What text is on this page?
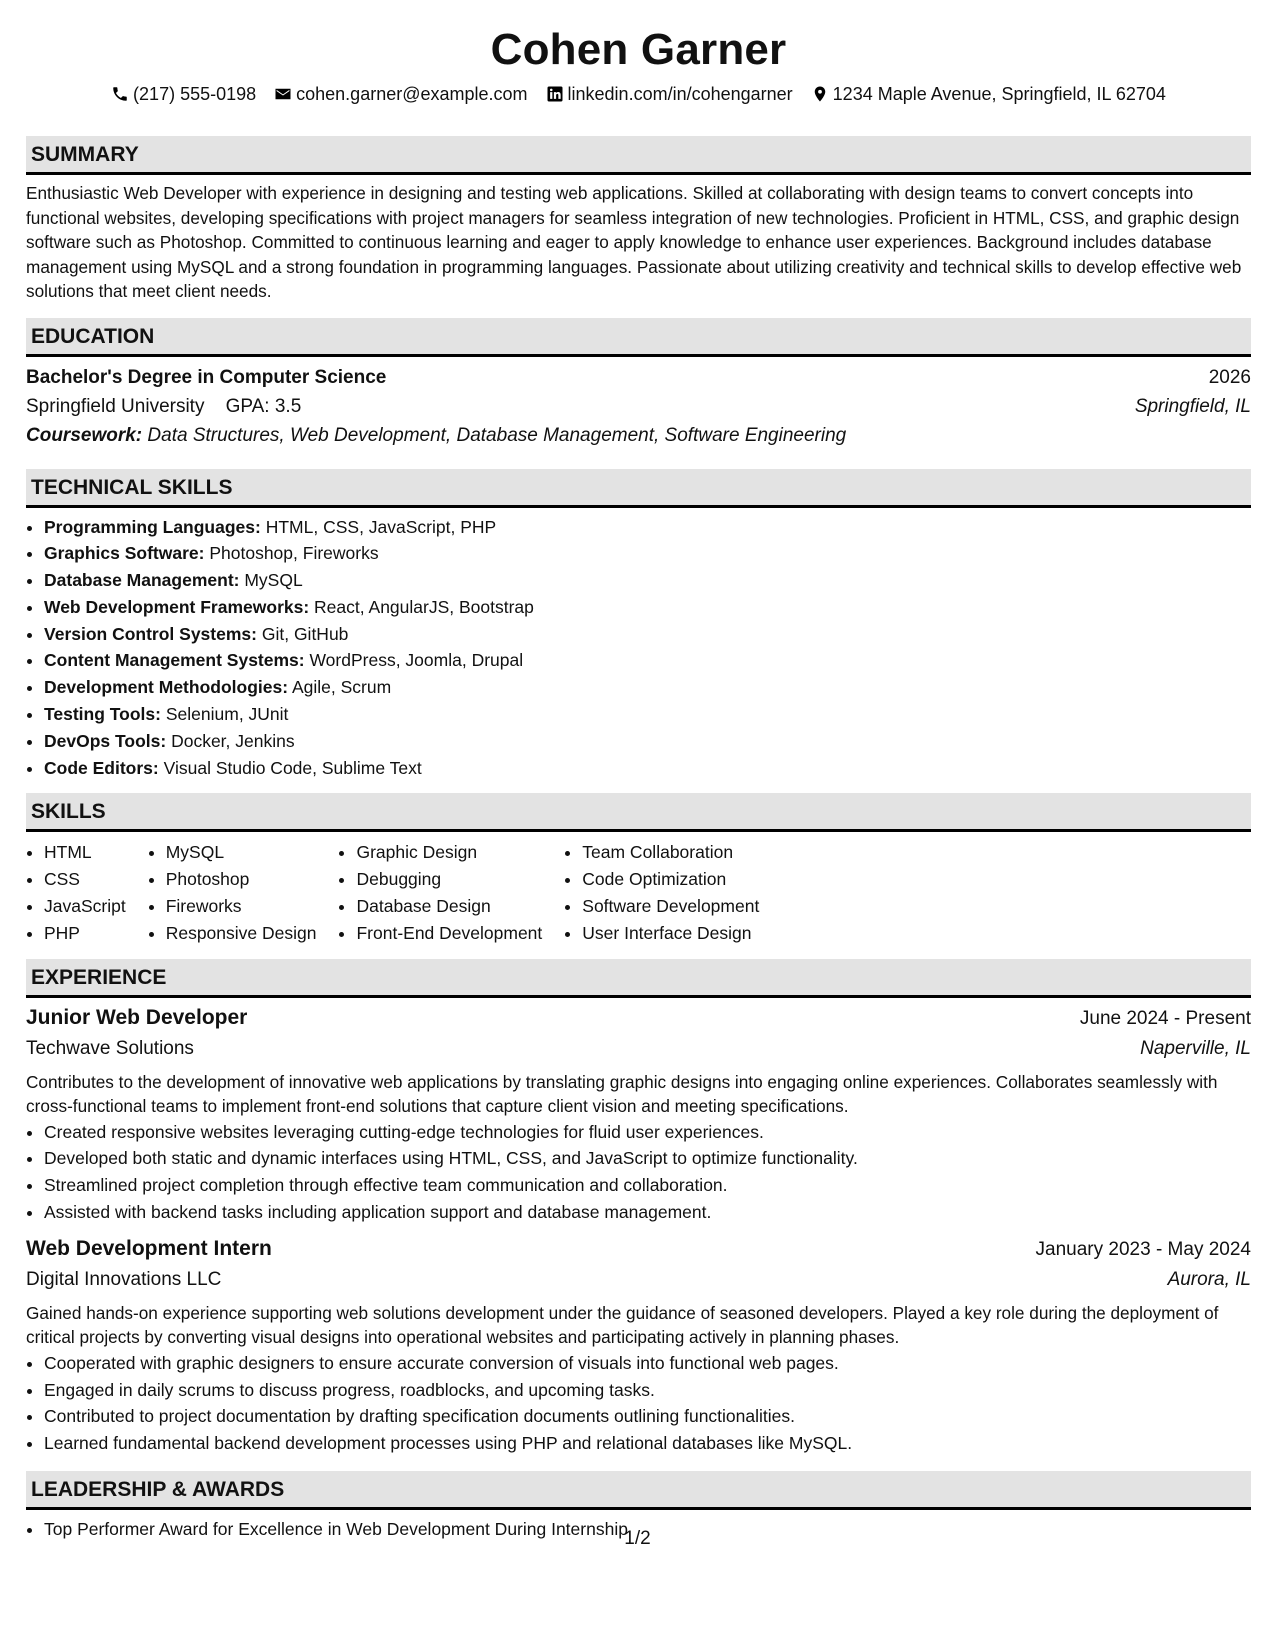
Cohen Garner
(217) 555-0198 cohen.garner@example.com linkedin.com/in/cohengarner 1234 Maple Avenue, Springfield, IL 62704
SUMMARY
Enthusiastic Web Developer with experience in designing and testing web applications. Skilled at collaborating with design teams to convert concepts into functional websites, developing specifications with project managers for seamless integration of new technologies. Proficient in HTML, CSS, and graphic design software such as Photoshop. Committed to continuous learning and eager to apply knowledge to enhance user experiences. Background includes database management using MySQL and a strong foundation in programming languages. Passionate about utilizing creativity and technical skills to develop effective web solutions that meet client needs.
EDUCATION
Bachelor's Degree in Computer Science	2026
Springfield University GPA: 3.5	Springfield, IL
Coursework: Data Structures, Web Development, Database Management, Software Engineering
TECHNICAL SKILLS
• Programming Languages: HTML, CSS, JavaScript, PHP
• Graphics Software: Photoshop, Fireworks
• Database Management: MySQL
• Web Development Frameworks: React, AngularJS, Bootstrap
• Version Control Systems: Git, GitHub
• Content Management Systems: WordPress, Joomla, Drupal
• Development Methodologies: Agile, Scrum
• Testing Tools: Selenium, JUnit
• DevOps Tools: Docker, Jenkins
• Code Editors: Visual Studio Code, Sublime Text
SKILLS
• HTML
• CSS
• JavaScript
• PHP
• MySQL
• Photoshop
• Fireworks
• Responsive Design
• Graphic Design
• Debugging
• Database Design
• Front-End Development
• Team Collaboration
• Code Optimization
• Software Development
• User Interface Design
EXPERIENCE
Junior Web Developer	June 2024 - Present
Techwave Solutions	Naperville, IL
Contributes to the development of innovative web applications by translating graphic designs into engaging online experiences. Collaborates seamlessly with cross-functional teams to implement front-end solutions that capture client vision and meeting specifications.
• Created responsive websites leveraging cutting-edge technologies for fluid user experiences.
• Developed both static and dynamic interfaces using HTML, CSS, and JavaScript to optimize functionality.
• Streamlined project completion through effective team communication and collaboration.
• Assisted with backend tasks including application support and database management.
Web Development Intern	January 2023 - May 2024
Digital Innovations LLC	Aurora, IL
Gained hands-on experience supporting web solutions development under the guidance of seasoned developers. Played a key role during the deployment of critical projects by converting visual designs into operational websites and participating actively in planning phases.
• Cooperated with graphic designers to ensure accurate conversion of visuals into functional web pages.
• Engaged in daily scrums to discuss progress, roadblocks, and upcoming tasks.
• Contributed to project documentation by drafting specification documents outlining functionalities.
• Learned fundamental backend development processes using PHP and relational databases like MySQL.
LEADERSHIP & AWARDS
• Top Performer Award for Excellence in Web Development During Internship
1/2
